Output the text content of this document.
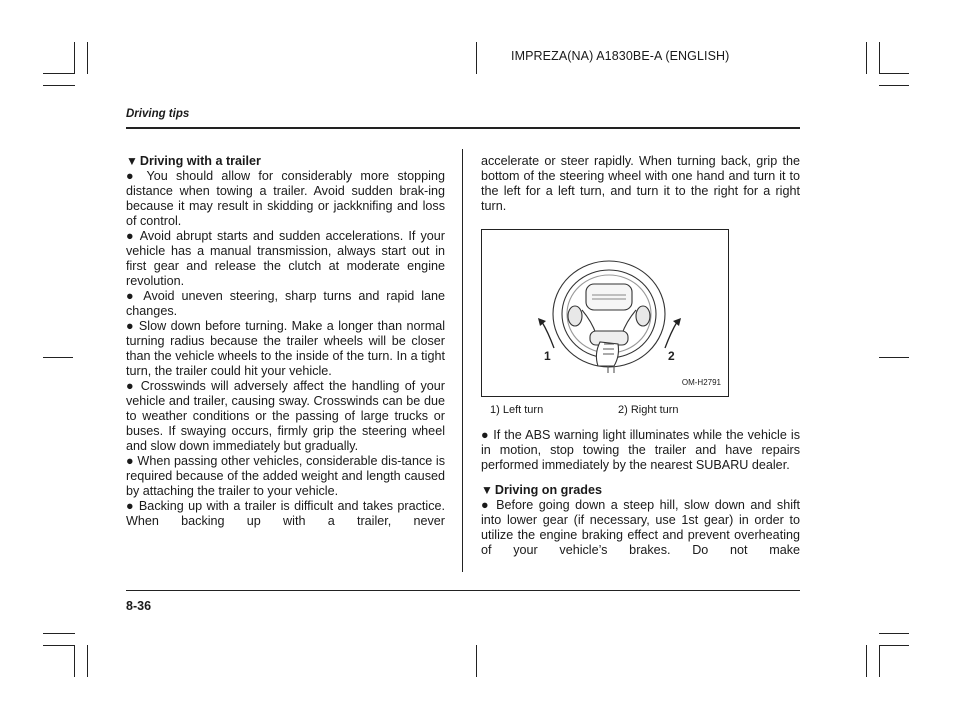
IMPREZA(NA) A1830BE-A (ENGLISH)
Driving tips
▼ Driving with a trailer

● You should allow for considerably more stopping distance when towing a trailer. Avoid sudden brak-ing because it may result in skidding or jackknifing and loss of control.

● Avoid abrupt starts and sudden accelerations. If your vehicle has a manual transmission, always start out in first gear and release the clutch at moderate engine revolution.

● Avoid uneven steering, sharp turns and rapid lane changes.

● Slow down before turning. Make a longer than normal turning radius because the trailer wheels will be closer than the vehicle wheels to the inside of the turn. In a tight turn, the trailer could hit your vehicle.

● Crosswinds will adversely affect the handling of your vehicle and trailer, causing sway. Crosswinds can be due to weather conditions or the passing of large trucks or buses. If swaying occurs, firmly grip the steering wheel and slow down immediately but gradually.

● When passing other vehicles, considerable dis-tance is required because of the added weight and length caused by attaching the trailer to your vehicle.

● Backing up with a trailer is difficult and takes practice. When backing up with a trailer, never

accelerate or steer rapidly. When turning back, grip the bottom of the steering wheel with one hand and turn it to the left for a left turn, and turn it to the right for a right turn.

1	2
OM-H2791
1) Left turn	2) Right turn

● If the ABS warning light illuminates while the vehicle is in motion, stop towing the trailer and have repairs performed immediately by the nearest SUBARU dealer.

▼ Driving on grades

● Before going down a steep hill, slow down and shift into lower gear (if necessary, use 1st gear) in order to utilize the engine braking effect and prevent overheating of your vehicle’s brakes. Do not make

8-36
